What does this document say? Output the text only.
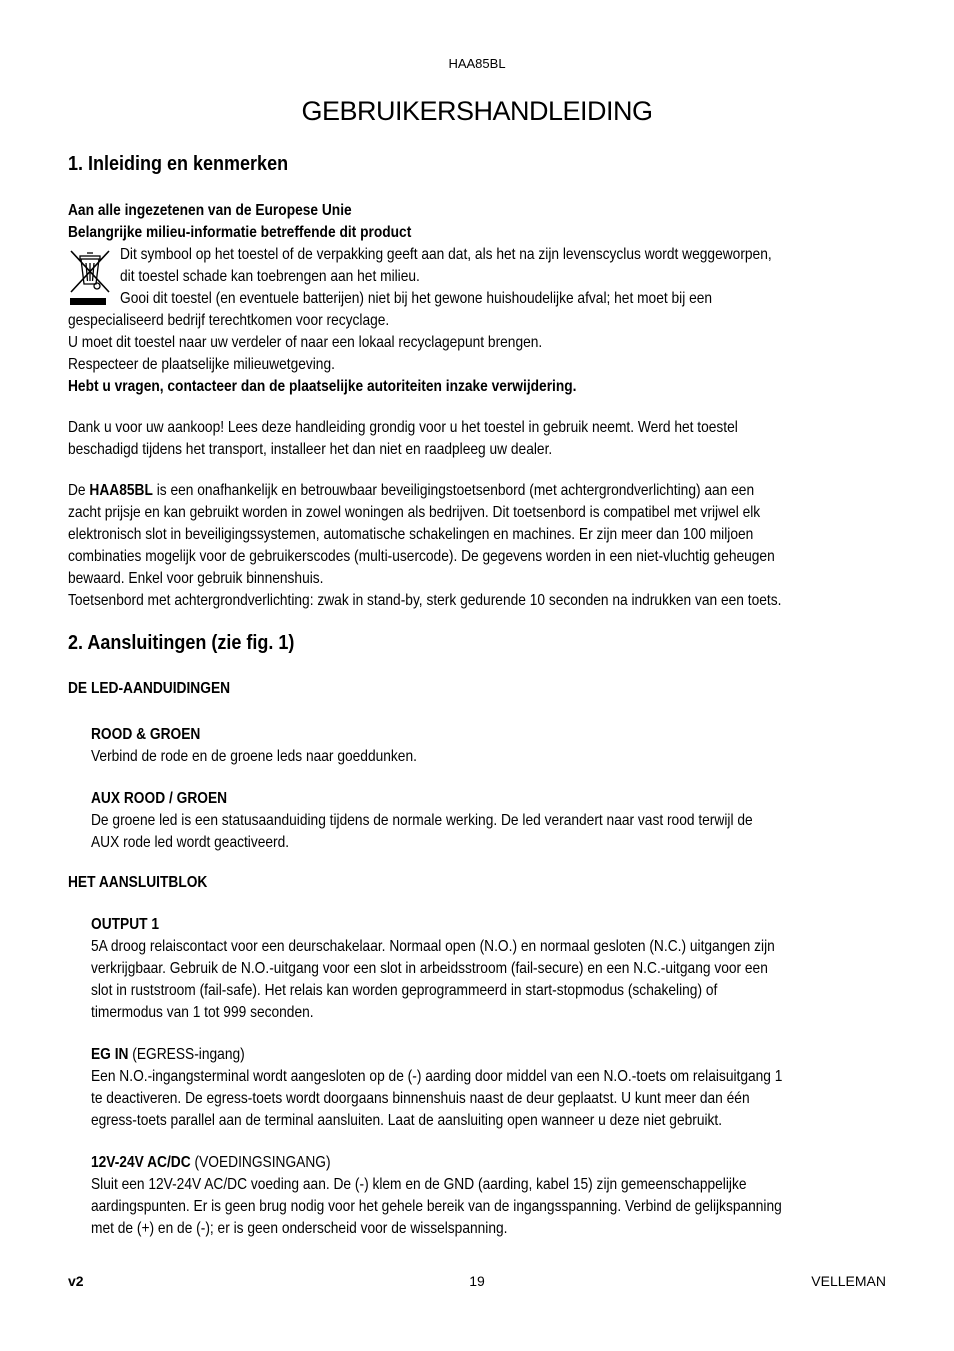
HAA85BL
GEBRUIKERSHANDLEIDING
1. Inleiding en kenmerken
Aan alle ingezetenen van de Europese Unie
Belangrijke milieu-informatie betreffende dit product
Dit symbool op het toestel of de verpakking geeft aan dat, als het na zijn levenscyclus wordt weggeworpen,
dit toestel schade kan toebrengen aan het milieu.
Gooi dit toestel (en eventuele batterijen) niet bij het gewone huishoudelijke afval; het moet bij een
gespecialiseerd bedrijf terechtkomen voor recyclage.
U moet dit toestel naar uw verdeler of naar een lokaal recyclagepunt brengen.
Respecteer de plaatselijke milieuwetgeving.
Hebt u vragen, contacteer dan de plaatselijke autoriteiten inzake verwijdering.
Dank u voor uw aankoop! Lees deze handleiding grondig voor u het toestel in gebruik neemt. Werd het toestel
beschadigd tijdens het transport, installeer het dan niet en raadpleeg uw dealer.
De HAA85BL is een onafhankelijk en betrouwbaar beveiligingstoetsenbord (met achtergrondverlichting) aan een
zacht prijsje en kan gebruikt worden in zowel woningen als bedrijven. Dit toetsenbord is compatibel met vrijwel elk
elektronisch slot in beveiligingssystemen, automatische schakelingen en machines. Er zijn meer dan 100 miljoen
combinaties mogelijk voor de gebruikerscodes (multi-usercode). De gegevens worden in een niet-vluchtig geheugen
bewaard. Enkel voor gebruik binnenshuis.
Toetsenbord met achtergrondverlichting: zwak in stand-by, sterk gedurende 10 seconden na indrukken van een toets.
2. Aansluitingen (zie fig. 1)
DE LED-AANDUIDINGEN
ROOD & GROEN
Verbind de rode en de groene leds naar goeddunken.
AUX ROOD / GROEN
De groene led is een statusaanduiding tijdens de normale werking. De led verandert naar vast rood terwijl de
AUX rode led wordt geactiveerd.
HET AANSLUITBLOK
OUTPUT 1
5A droog relaiscontact voor een deurschakelaar. Normaal open (N.O.) en normaal gesloten (N.C.) uitgangen zijn
verkrijgbaar. Gebruik de N.O.-uitgang voor een slot in arbeidsstroom (fail-secure) en een N.C.-uitgang voor een
slot in ruststroom (fail-safe). Het relais kan worden geprogrammeerd in start-stopmodus (schakeling) of
timermodus van 1 tot 999 seconden.
EG IN (EGRESS-ingang)
Een N.O.-ingangsterminal wordt aangesloten op de (-) aarding door middel van een N.O.-toets om relaisuitgang 1
te deactiveren. De egress-toets wordt doorgaans binnenshuis naast de deur geplaatst. U kunt meer dan één
egress-toets parallel aan de terminal aansluiten. Laat de aansluiting open wanneer u deze niet gebruikt.
12V-24V AC/DC (VOEDINGSINGANG)
Sluit een 12V-24V AC/DC voeding aan. De (-) klem en de GND (aarding, kabel 15) zijn gemeenschappelijke
aardingspunten. Er is geen brug nodig voor het gehele bereik van de ingangsspanning. Verbind de gelijkspanning
met de (+) en de (-); er is geen onderscheid voor de wisselspanning.
v2	19	VELLEMAN
